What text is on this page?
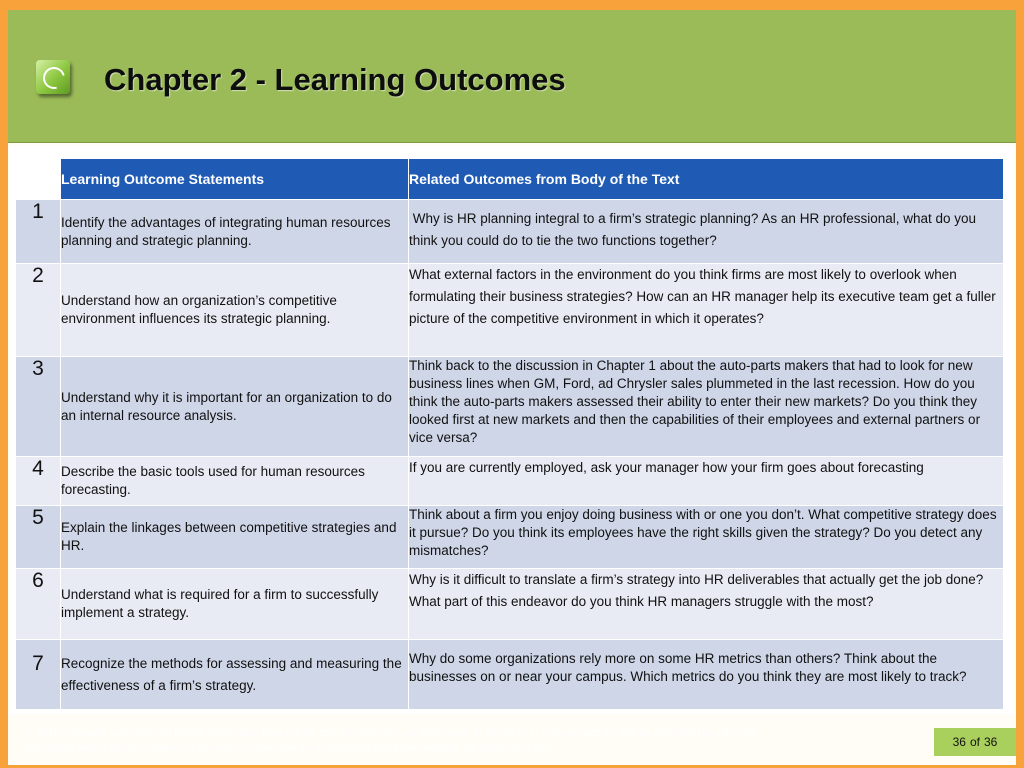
Chapter 2 - Learning Outcomes
	Learning Outcome Statements	Related Outcomes from Body of the Text
1	Identify the advantages of integrating human resources planning and strategic planning.	Why is HR planning integral to a firm’s strategic planning? As an HR professional, what do you think you could do to tie the two functions together?
2	Understand how an organization’s competitive environment influences its strategic planning.	What external factors in the environment do you think firms are most likely to overlook when formulating their business strategies? How can an HR manager help its executive team get a fuller picture of the competitive environment in which it operates?
3	Understand why it is important for an organization to do an internal resource analysis.	Think back to the discussion in Chapter 1 about the auto-parts makers that had to look for new business lines when GM, Ford, ad Chrysler sales plummeted in the last recession. How do you think the auto-parts makers assessed their ability to enter their new markets? Do you think they looked first at new markets and then the capabilities of their employees and external partners or vice versa?
4	Describe the basic tools used for human resources forecasting.	If you are currently employed, ask your manager how your firm goes about forecasting
5	Explain the linkages between competitive strategies and HR.	Think about a firm you enjoy doing business with or one you don’t. What competitive strategy does it pursue? Do you think its employees have the right skills given the strategy? Do you detect any mismatches?
6	Understand what is required for a firm to successfully implement a strategy.	Why is it difficult to translate a firm’s strategy into HR deliverables that actually get the job done? What part of this endeavor do you think HR managers struggle with the most?
7	Recognize the methods for assessing and measuring the effectiveness of a firm’s strategy.	Why do some organizations rely more on some HR metrics than others? Think about the businesses on or near your campus. Which metrics do you think they are most likely to track?
© 2012 Cengage Learning. All Rights Reserved. May not be copied, scanned, or duplicated, in whole or in part, except for use as permitted in a license distributed with a certain product or service or otherwise on a password-protected website for classroom use.	36 of 36
